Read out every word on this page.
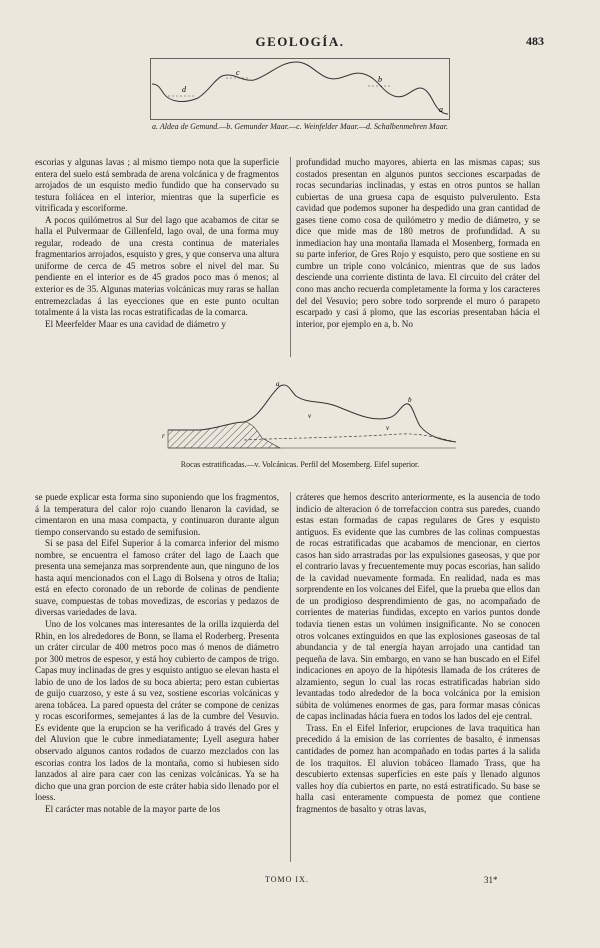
GEOLOGÍA.	483
d
c
b
a
a. Aldea de Gemund.—b. Gemunder Maar.—c. Weinfelder Maar.—d. Schalbenmehren Maar.

escorias y algunas lavas ; al mismo tiempo nota que la superficie entera del suelo está sembrada de arena volcánica y de fragmentos arrojados de un esquisto medio fundido que ha conservado su testura foliácea en el interior, mientras que la superficie es vitrificada y escoriforme.

A pocos quilómetros al Sur del lago que acabamos de citar se halla el Pulvermaar de Gillenfeld, lago oval, de una forma muy regular, rodeado de una cresta continua de materiales fragmentarios arrojados, esquisto y gres, y que conserva una altura uniforme de cerca de 45 metros sobre el nivel del mar. Su pendiente en el interior es de 45 grados poco mas ó menos; al exterior es de 35. Algunas materias volcánicas muy raras se hallan entremezcladas á las eyecciones que en este punto ocultan totalmente á la vista las rocas estratificadas de la comarca.

El Meerfelder Maar es una cavidad de diámetro y

profundidad mucho mayores, abierta en las mismas capas; sus costados presentan en algunos puntos secciones escarpadas de rocas secundarias inclinadas, y estas en otros puntos se hallan cubiertas de una gruesa capa de esquisto pulverulento. Esta cavidad que podemos suponer ha despedido una gran cantidad de gases tiene como cosa de quilómetro y medio de diámetro, y se dice que mide mas de 180 metros de profundidad. A su inmediacion hay una montaña llamada el Mosenberg, formada en su parte inferior, de Gres Rojo y esquisto, pero que sostiene en su cumbre un triple cono volcánico, mientras que de sus lados desciende una corriente distinta de lava. El circuito del cráter del cono mas ancho recuerda completamente la forma y los caracteres del del Vesuvio; pero sobre todo sorprende el muro ó parapeto escarpado y casi á plomo, que las escorias presentaban hácia el interior, por ejemplo en a, b. No

r
a
v
v
b
Rocas estratificadas.—v. Volcánicas. Perfil del Mosemberg. Eifel superior.

se puede explicar esta forma sino suponiendo que los fragmentos, á la temperatura del calor rojo cuando llenaron la cavidad, se cimentaron en una masa compacta, y continuaron durante algun tiempo conservando su estado de semifusion.

Si se pasa del Eifel Superior á la comarca inferior del mismo nombre, se encuentra el famoso cráter del lago de Laach que presenta una semejanza mas sorprendente aun, que ninguno de los hasta aquí mencionados con el Lago di Bolsena y otros de Italia; está en efecto coronado de un reborde de colinas de pendiente suave, compuestas de tobas movedizas, de escorias y pedazos de diversas variedades de lava.

Uno de los volcanes mas interesantes de la orilla izquierda del Rhin, en los alrededores de Bonn, se llama el Roderberg. Presenta un cráter circular de 400 metros poco mas ó menos de diámetro por 300 metros de espesor, y está hoy cubierto de campos de trigo. Capas muy inclinadas de gres y esquisto antiguo se elevan hasta el labio de uno de los lados de su boca abierta; pero estan cubiertas de guijo cuarzoso, y este á su vez, sostiene escorias volcánicas y arena tobácea. La pared opuesta del cráter se compone de cenizas y rocas escoriformes, semejantes á las de la cumbre del Vesuvio. Es evidente que la erupcion se ha verificado á través del Gres y del Aluvion que le cubre inmediatamente; Lyell asegura haber observado algunos cantos rodados de cuarzo mezclados con las escorias contra los lados de la montaña, como si hubiesen sido lanzados al aire para caer con las cenizas volcánicas. Ya se ha dicho que una gran porcion de este cráter habia sido llenado por el loess.

El carácter mas notable de la mayor parte de los

cráteres que hemos descrito anteriormente, es la ausencia de todo indicio de alteracion ó de torrefaccion contra sus paredes, cuando estas estan formadas de capas regulares de Gres y esquisto antiguos. Es evidente que las cumbres de las colinas compuestas de rocas estratificadas que acabamos de mencionar, en ciertos casos han sido arrastradas por las expulsiones gaseosas, y que por el contrario lavas y frecuentemente muy pocas escorias, han salido de la cavidad nuevamente formada. En realidad, nada es mas sorprendente en los volcanes del Eifel, que la prueba que ellos dan de un prodigioso desprendimiento de gas, no acompañado de corrientes de materias fundidas, excepto en varios puntos donde todavía tienen estas un volúmen insignificante. No se conocen otros volcanes extinguidos en que las explosiones gaseosas de tal abundancia y de tal energía hayan arrojado una cantidad tan pequeña de lava. Sin embargo, en vano se han buscado en el Eifel indicaciones en apoyo de la hipótesis llamada de los cráteres de alzamiento, segun lo cual las rocas estratificadas habrian sido levantadas todo alrededor de la boca volcánica por la emision súbita de volúmenes enormes de gas, para formar masas cónicas de capas inclinadas hácia fuera en todos los lados del eje central.

Trass. En el Eifel Inferior, erupciones de lava traquítica han precedido á la emision de las corrientes de basalto, é inmensas cantidades de pomez han acompañado en todas partes á la salida de los traquitos. El aluvion tobáceo llamado Trass, que ha descubierto extensas superficies en este país y llenado algunos valles hoy día cubiertos en parte, no está estratificado. Su base se halla casi enteramente compuesta de pomez que contiene fragmentos de basalto y otras lavas,

TOMO IX.	31*
